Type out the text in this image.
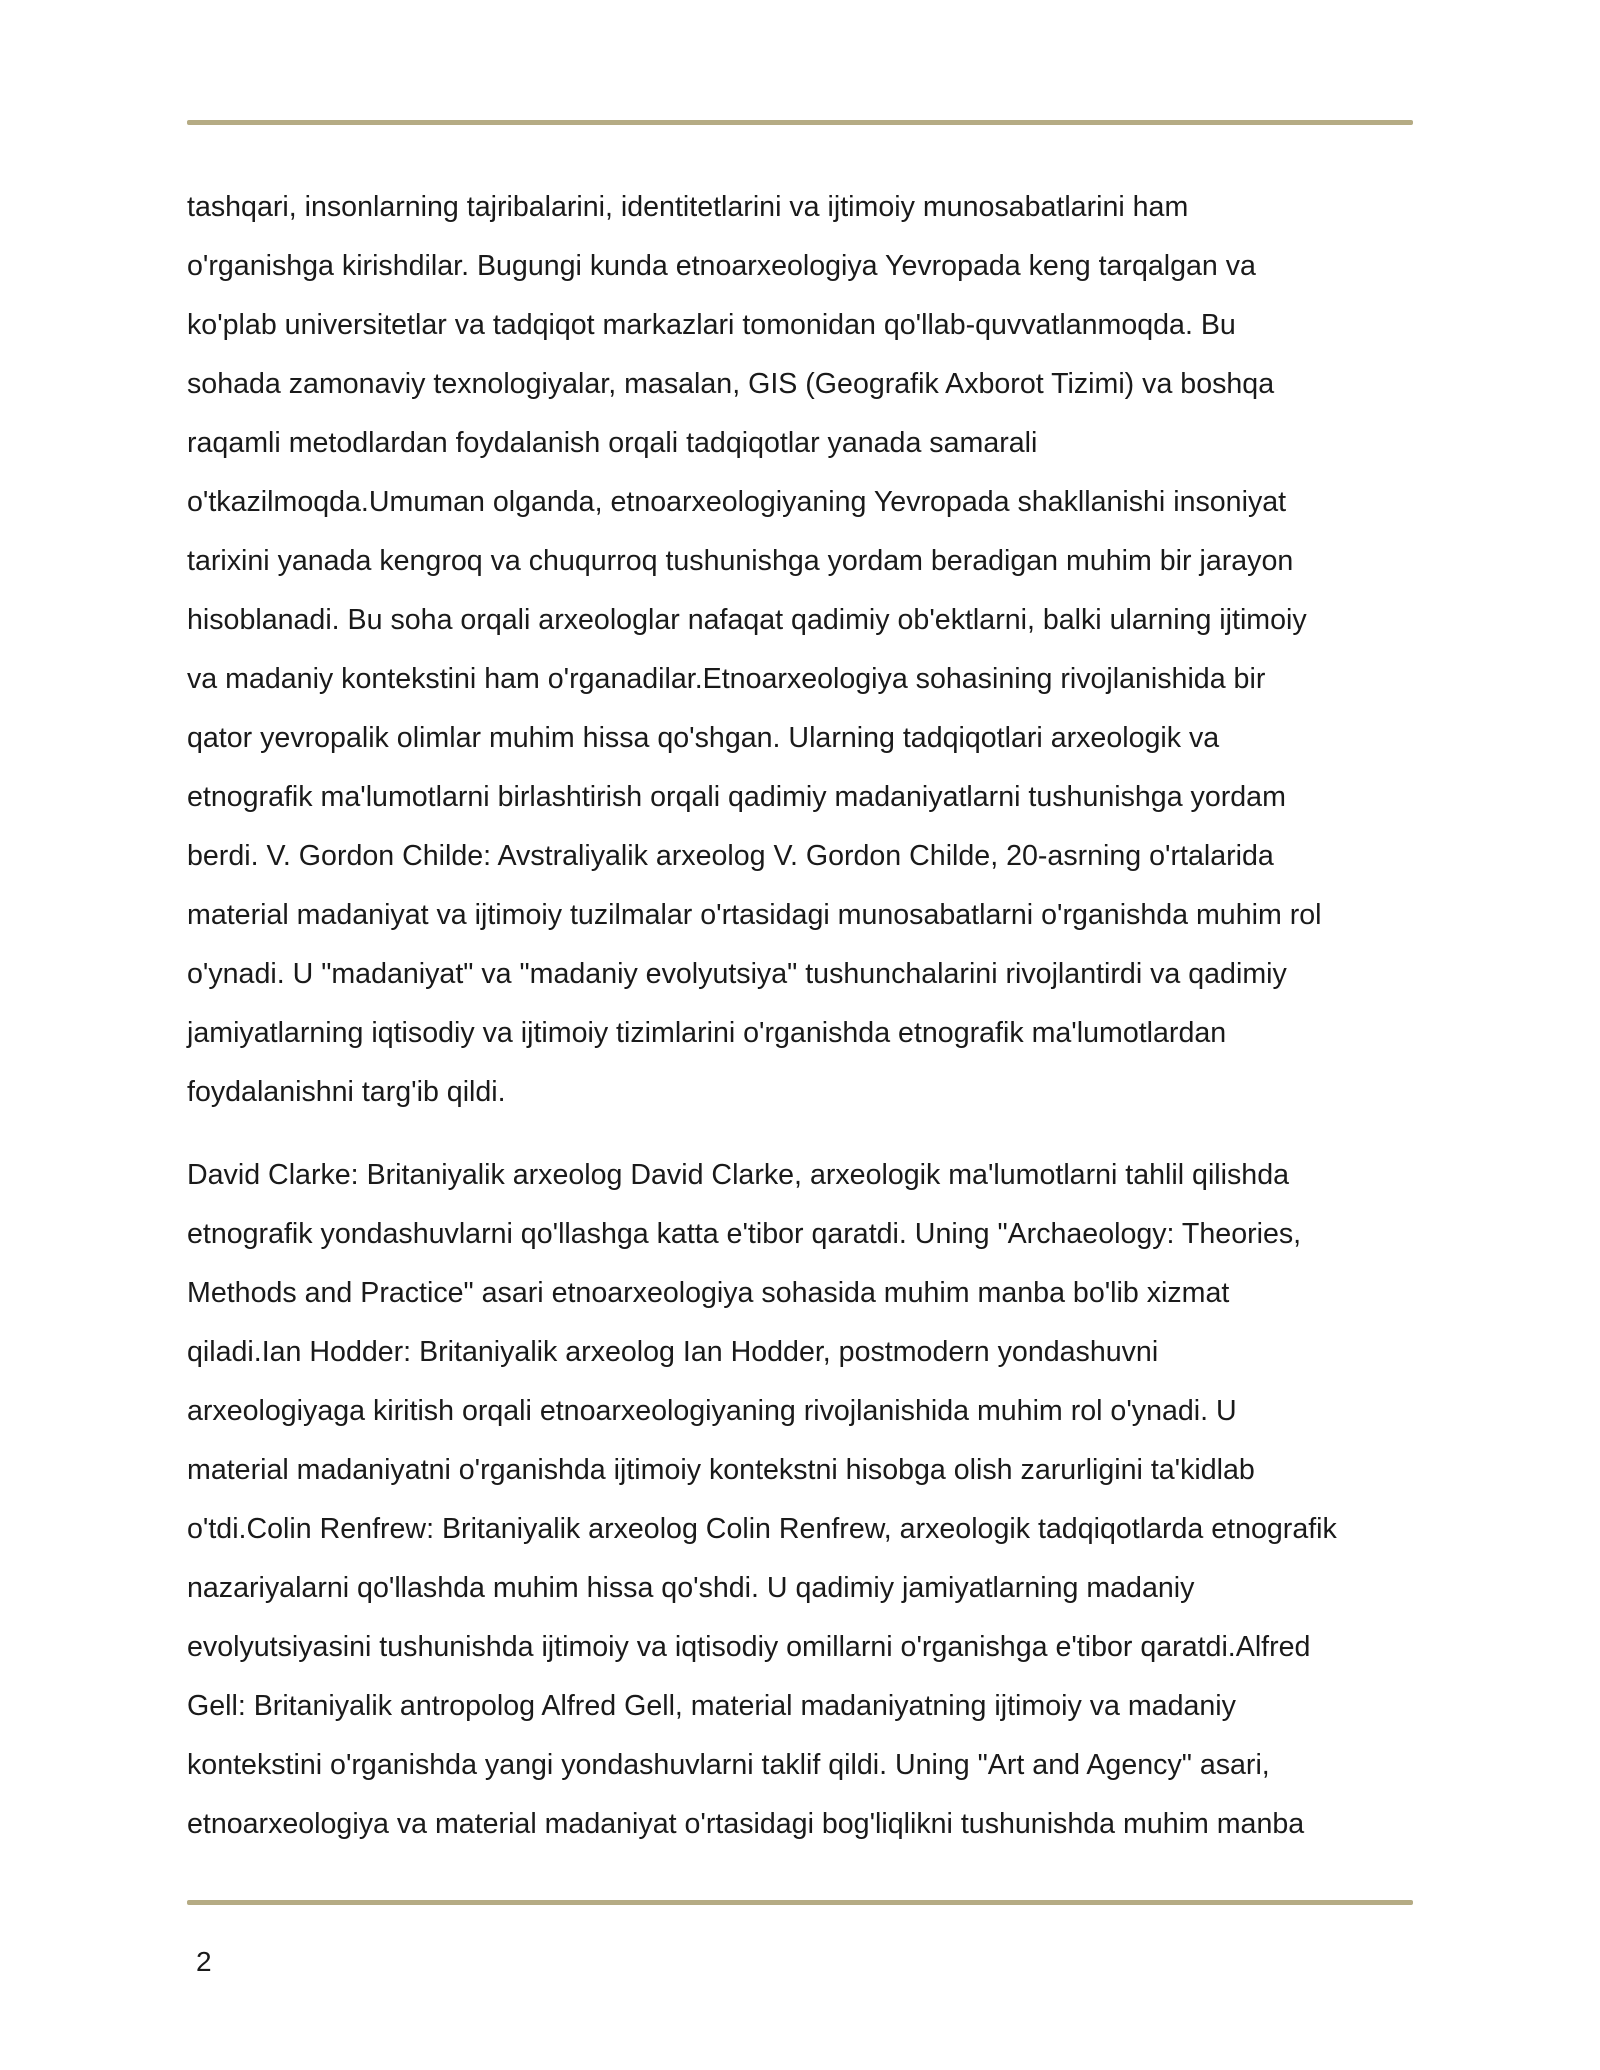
tashqari, insonlarning tajribalarini, identitetlarini va ijtimoiy munosabatlarini ham
o'rganishga kirishdilar. Bugungi kunda etnoarxeologiya Yevropada keng tarqalgan va
ko'plab universitetlar va tadqiqot markazlari tomonidan qo'llab-quvvatlanmoqda. Bu
sohada zamonaviy texnologiyalar, masalan, GIS (Geografik Axborot Tizimi) va boshqa
raqamli metodlardan foydalanish orqali tadqiqotlar yanada samarali
o'tkazilmoqda.Umuman olganda, etnoarxeologiyaning Yevropada shakllanishi insoniyat
tarixini yanada kengroq va chuqurroq tushunishga yordam beradigan muhim bir jarayon
hisoblanadi. Bu soha orqali arxeologlar nafaqat qadimiy ob'ektlarni, balki ularning ijtimoiy
va madaniy kontekstini ham o'rganadilar.Etnoarxeologiya sohasining rivojlanishida bir
qator yevropalik olimlar muhim hissa qo'shgan. Ularning tadqiqotlari arxeologik va
etnografik ma'lumotlarni birlashtirish orqali qadimiy madaniyatlarni tushunishga yordam
berdi. V. Gordon Childe: Avstraliyalik arxeolog V. Gordon Childe, 20-asrning o'rtalarida
material madaniyat va ijtimoiy tuzilmalar o'rtasidagi munosabatlarni o'rganishda muhim rol
o'ynadi. U "madaniyat" va "madaniy evolyutsiya" tushunchalarini rivojlantirdi va qadimiy
jamiyatlarning iqtisodiy va ijtimoiy tizimlarini o'rganishda etnografik ma'lumotlardan
foydalanishni targ'ib qildi.

David Clarke: Britaniyalik arxeolog David Clarke, arxeologik ma'lumotlarni tahlil qilishda
etnografik yondashuvlarni qo'llashga katta e'tibor qaratdi. Uning "Archaeology: Theories,
Methods and Practice" asari etnoarxeologiya sohasida muhim manba bo'lib xizmat
qiladi.Ian Hodder: Britaniyalik arxeolog Ian Hodder, postmodern yondashuvni
arxeologiyaga kiritish orqali etnoarxeologiyaning rivojlanishida muhim rol o'ynadi. U
material madaniyatni o'rganishda ijtimoiy kontekstni hisobga olish zarurligini ta'kidlab
o'tdi.Colin Renfrew: Britaniyalik arxeolog Colin Renfrew, arxeologik tadqiqotlarda etnografik
nazariyalarni qo'llashda muhim hissa qo'shdi. U qadimiy jamiyatlarning madaniy
evolyutsiyasini tushunishda ijtimoiy va iqtisodiy omillarni o'rganishga e'tibor qaratdi.Alfred
Gell: Britaniyalik antropolog Alfred Gell, material madaniyatning ijtimoiy va madaniy
kontekstini o'rganishda yangi yondashuvlarni taklif qildi. Uning "Art and Agency" asari,
etnoarxeologiya va material madaniyat o'rtasidagi bog'liqlikni tushunishda muhim manba

2
